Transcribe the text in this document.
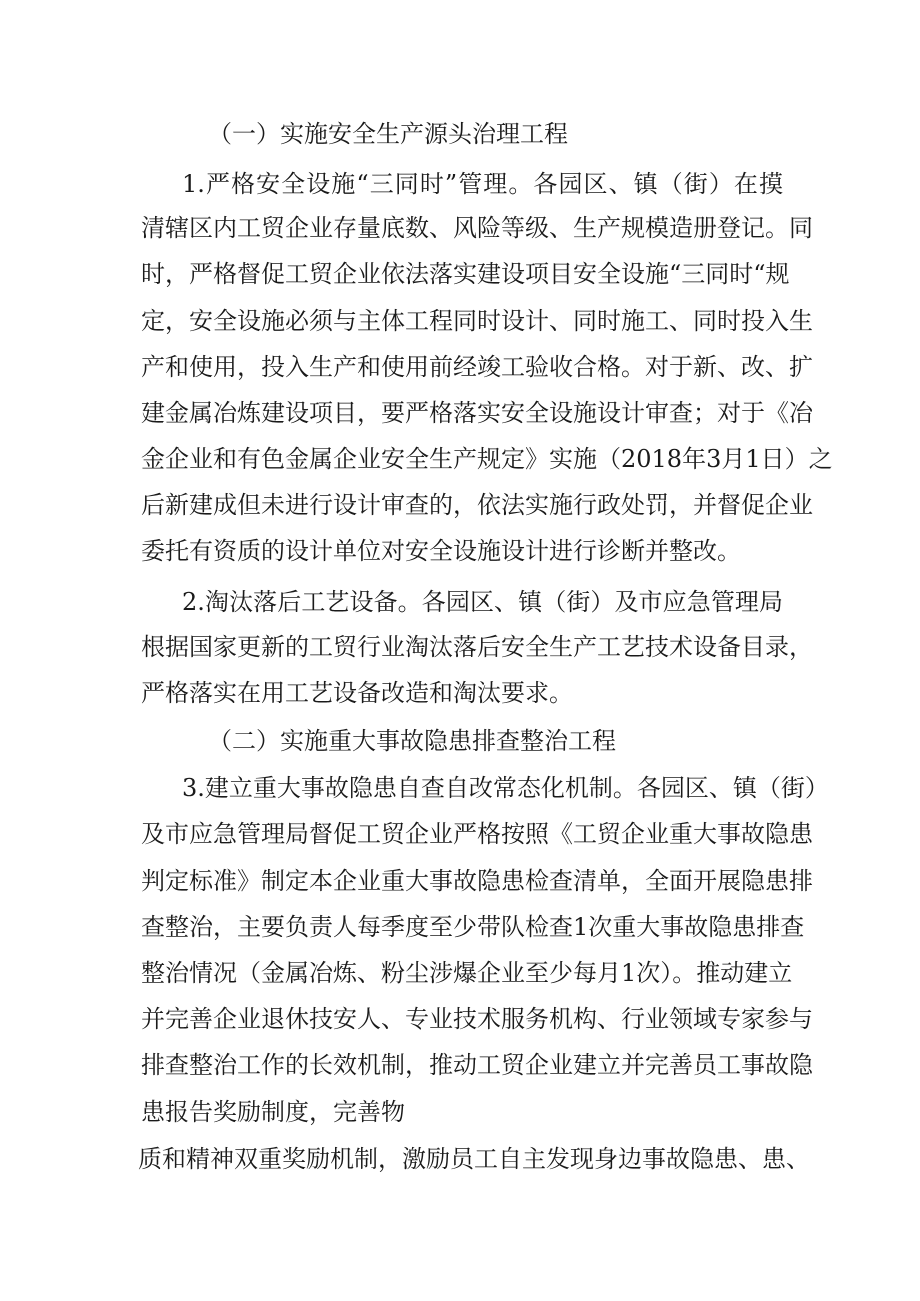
（一）实施安全生产源头治理工程
1.严格安全设施“三同时”管理。各园区、镇（街）在摸
清辖区内工贸企业存量底数、风险等级、生产规模造册登记。同
时，严格督促工贸企业依法落实建设项目安全设施“三同时“规
定，安全设施必须与主体工程同时设计、同时施工、同时投入生
产和使用，投入生产和使用前经竣工验收合格。对于新、改、扩
建金属冶炼建设项目，要严格落实安全设施设计审查；对于《冶
金企业和有色金属企业安全生产规定》实施（2018年3月1日）之
后新建成但未进行设计审查的，依法实施行政处罚，并督促企业
委托有资质的设计单位对安全设施设计进行诊断并整改。
2.淘汰落后工艺设备。各园区、镇（街）及市应急管理局
根据国家更新的工贸行业淘汰落后安全生产工艺技术设备目录，
严格落实在用工艺设备改造和淘汰要求。
（二）实施重大事故隐患排查整治工程
3.建立重大事故隐患自查自改常态化机制。各园区、镇（街）
及市应急管理局督促工贸企业严格按照《工贸企业重大事故隐患
判定标准》制定本企业重大事故隐患检查清单，全面开展隐患排
查整治，主要负责人每季度至少带队检查1次重大事故隐患排查
整治情况（金属冶炼、粉尘涉爆企业至少每月1次）。推动建立
并完善企业退休技安人、专业技术服务机构、行业领域专家参与
排查整治工作的长效机制，推动工贸企业建立并完善员工事故隐
患报告奖励制度，完善物
质和精神双重奖励机制，激励员工自主发现身边事故隐患、患、
